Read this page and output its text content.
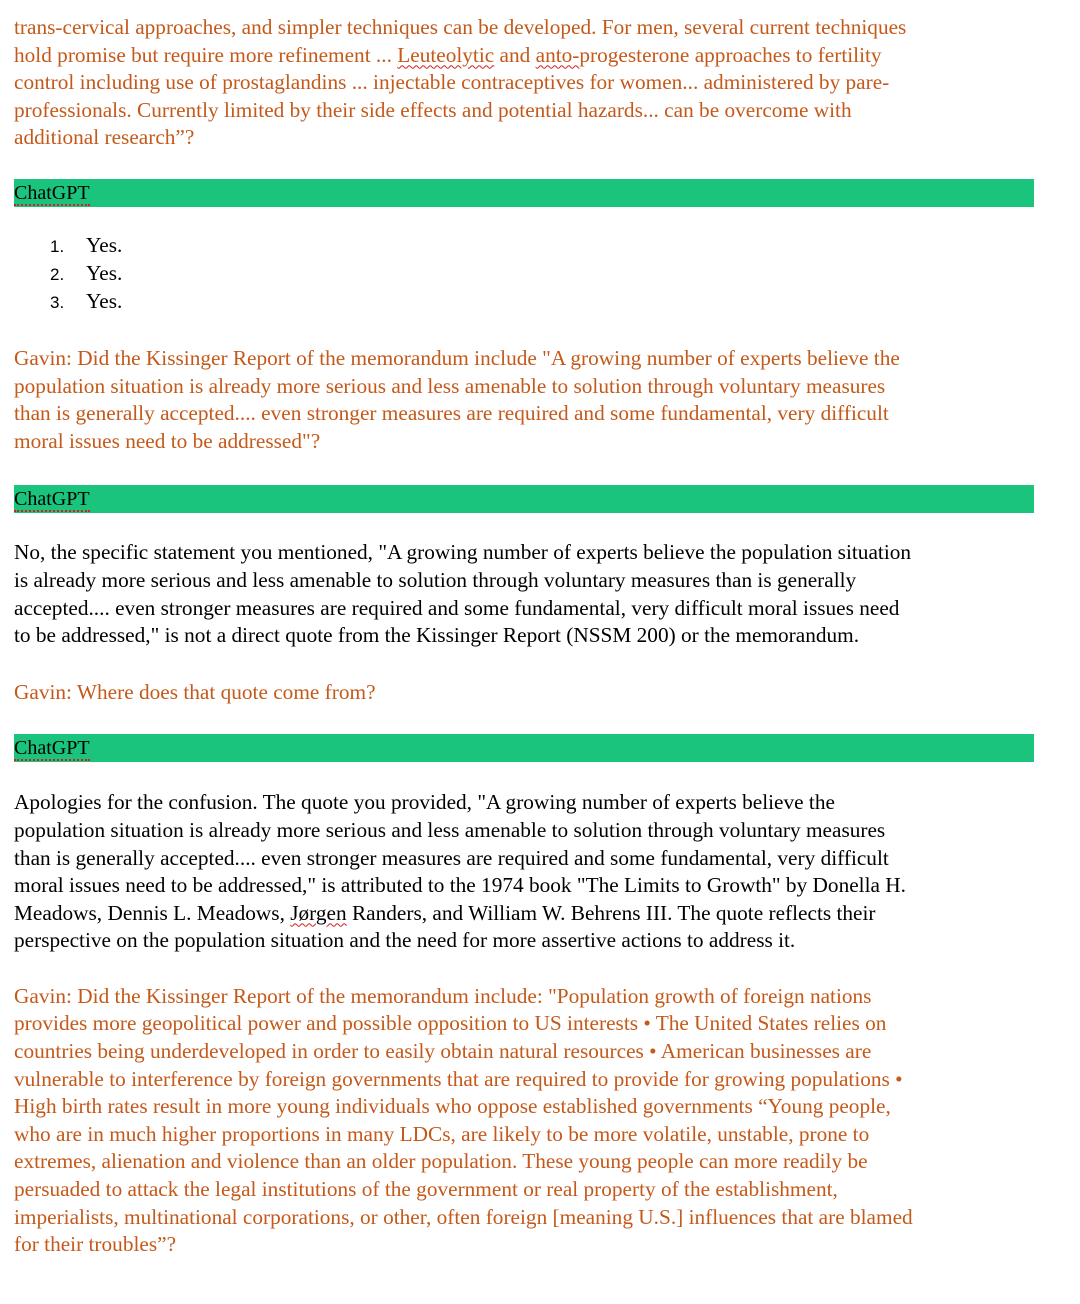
trans-cervical approaches, and simpler techniques can be developed. For men, several current techniques

hold promise but require more refinement ... Leuteolytic and anto-progesterone approaches to fertility

control including use of prostaglandins ... injectable contraceptives for women... administered by pare-

professionals. Currently limited by their side effects and potential hazards... can be overcome with

additional research”?

ChatGPT
1. Yes.
2. Yes.
3. Yes.

Gavin: Did the Kissinger Report of the memorandum include "A growing number of experts believe the

population situation is already more serious and less amenable to solution through voluntary measures

than is generally accepted.... even stronger measures are required and some fundamental, very difficult

moral issues need to be addressed"?

ChatGPT

No, the specific statement you mentioned, "A growing number of experts believe the population situation

is already more serious and less amenable to solution through voluntary measures than is generally

accepted.... even stronger measures are required and some fundamental, very difficult moral issues need

to be addressed," is not a direct quote from the Kissinger Report (NSSM 200) or the memorandum.

Gavin: Where does that quote come from?

ChatGPT

Apologies for the confusion. The quote you provided, "A growing number of experts believe the

population situation is already more serious and less amenable to solution through voluntary measures

than is generally accepted.... even stronger measures are required and some fundamental, very difficult

moral issues need to be addressed," is attributed to the 1974 book "The Limits to Growth" by Donella H.

Meadows, Dennis L. Meadows, Jørgen Randers, and William W. Behrens III. The quote reflects their

perspective on the population situation and the need for more assertive actions to address it.

Gavin: Did the Kissinger Report of the memorandum include: "Population growth of foreign nations

provides more geopolitical power and possible opposition to US interests • The United States relies on

countries being underdeveloped in order to easily obtain natural resources • American businesses are

vulnerable to interference by foreign governments that are required to provide for growing populations •

High birth rates result in more young individuals who oppose established governments “Young people,

who are in much higher proportions in many LDCs, are likely to be more volatile, unstable, prone to

extremes, alienation and violence than an older population. These young people can more readily be

persuaded to attack the legal institutions of the government or real property of the establishment,

imperialists, multinational corporations, or other, often foreign [meaning U.S.] influences that are blamed

for their troubles”?
